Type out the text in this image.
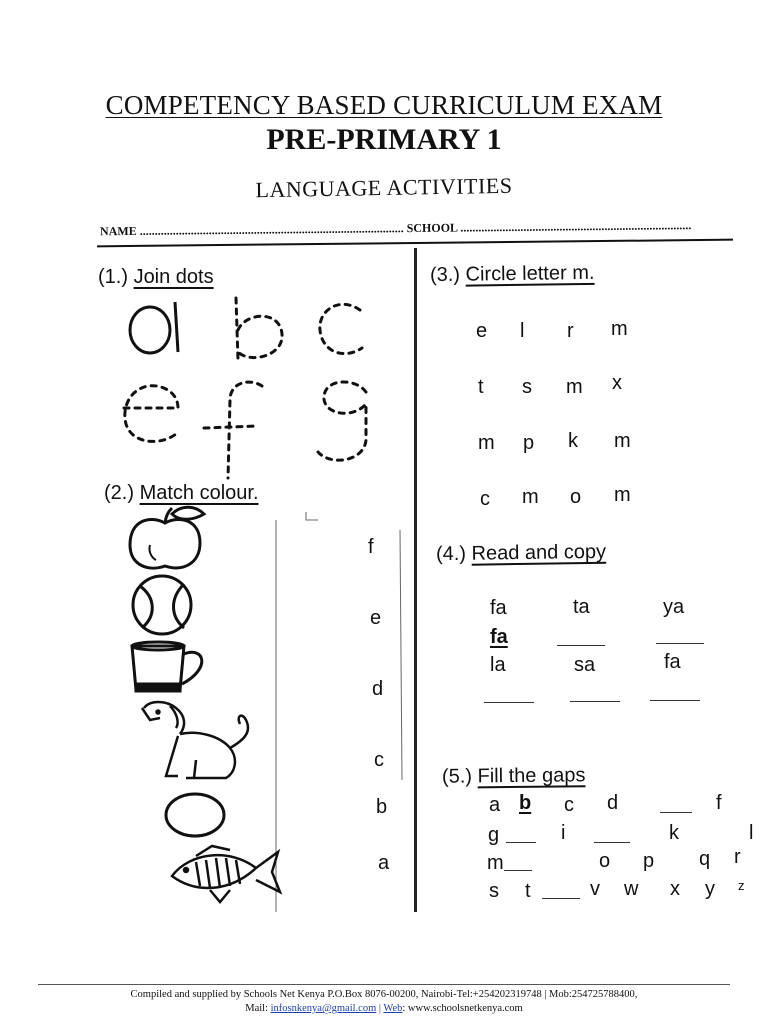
COMPETENCY BASED CURRICULUM EXAM
PRE-PRIMARY 1
LANGUAGE ACTIVITIES
NAME ........................................................................................ SCHOOL .............................................................................
(1.) Join dots
(2.) Match colour.
f
e
d
c
b
a
(3.) Circle letter m.
e l r m
t s m x
m p k m
c m o m
(4.) Read and copy
fa	ta	ya
fa
la	sa	fa
(5.) Fill the gaps
a b c d	f
g	i	k	l
m	o p q r
s t	v w x y z
Compiled and supplied by Schools Net Kenya P.O.Box 8076-00200, Nairobi-Tel:+254202319748 | Mob:254725788400,
Mail: infosnkenya@gmail.com | Web: www.schoolsnetkenya.com
